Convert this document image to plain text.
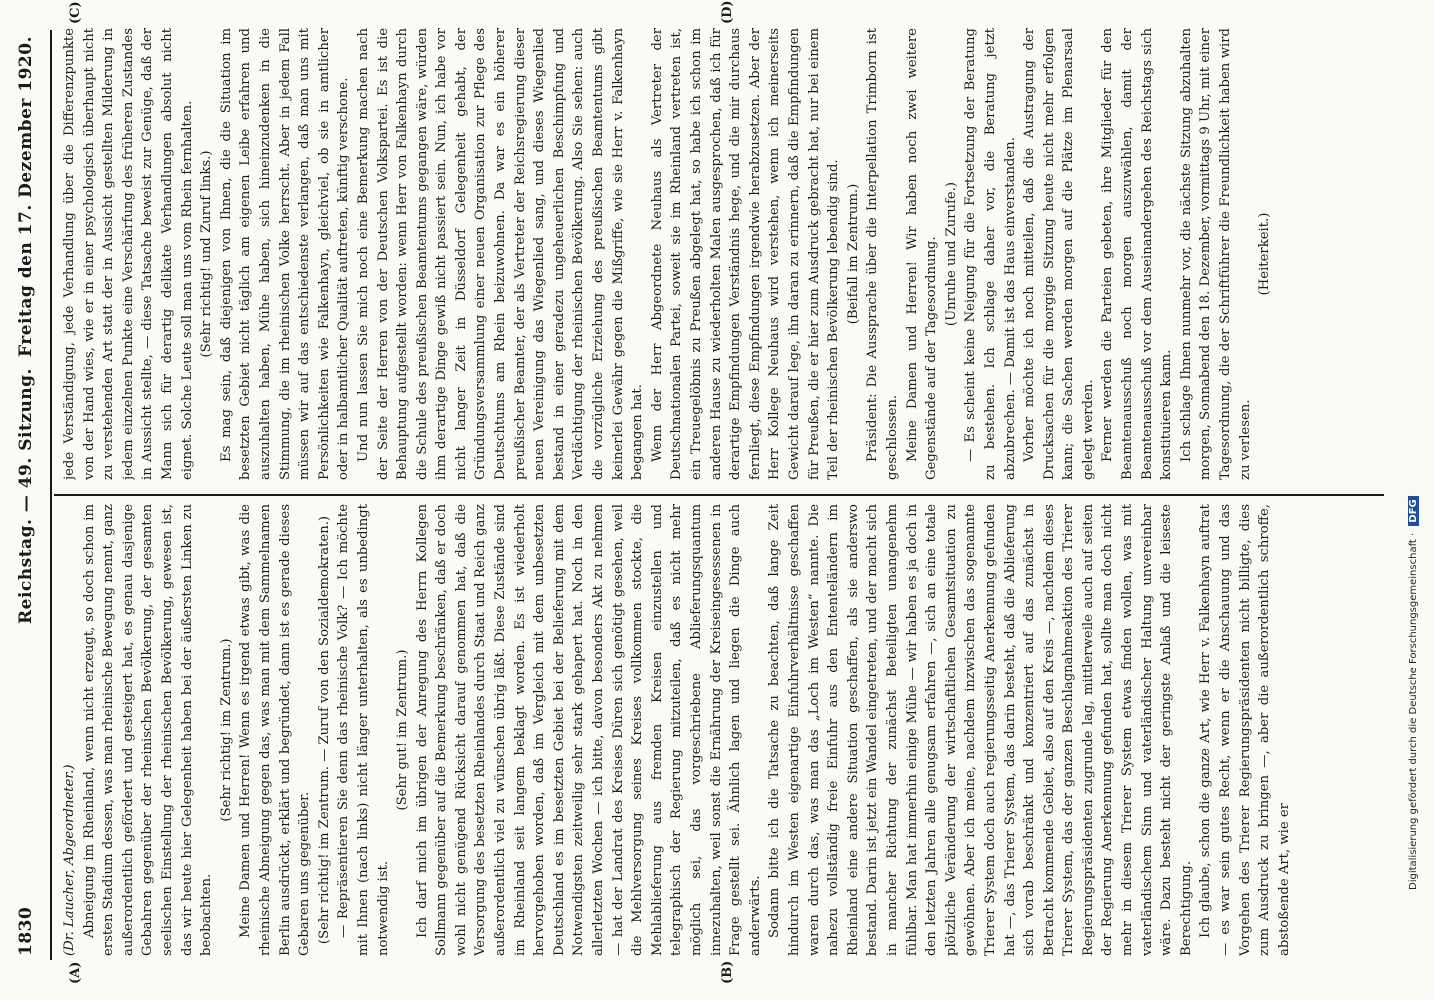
1830
Reichstag. — 49. Sitzung.
Freitag den 17. Dezember 1920.
(A)	(B)
(C)	(D)

(Dr. Laucher, Abgeordneter.) Abneigung im Rheinland, wenn nicht erzeugt, so doch schon im ersten Stadium dessen, was man rheinische Bewegung nennt, ganz außerordentlich gefördert und gesteigert hat, es genau dasjenige Gebahren gegenüber der rheinischen Bevölkerung, der gesamten seelischen Einstellung der rheinischen Bevölkerung, gewesen ist, das wir heute hier Gelegenheit haben bei der äußersten Linken zu beobachten.

(Sehr richtig! im Zentrum.) Meine Damen und Herren! Wenn es irgend etwas gibt, was die rheinische Abneigung gegen das, was man mit dem Sammelnamen Berlin ausdrückt, erklärt und begründet, dann ist es gerade dieses Gebaren uns gegenüber. (Sehr richtig! im Zentrum. — Zuruf von den Sozialdemokraten.) — Repräsentieren Sie denn das rheinische Volk? — Ich möchte mit Ihnen (nach links) nicht länger unterhalten, als es unbedingt notwendig ist.

(Sehr gut! im Zentrum.) Ich darf mich im übrigen der Anregung des Herrn Kollegen Sollmann gegenüber auf die Bemerkung beschränken, daß er doch wohl nicht genügend Rücksicht darauf genommen hat, daß die Versorgung des besetzten Rheinlandes durch Staat und Reich ganz außerordentlich viel zu wünschen übrig läßt. Diese Zustände sind im Rheinland seit langem beklagt worden. Es ist wiederholt hervorgehoben worden, daß im Vergleich mit dem unbesetzten Deutschland es im besetzten Gebiet bei der Belieferung mit dem Notwendigsten zeitweilig sehr stark gehapert hat. Noch in den allerletzten Wochen — ich bitte, davon besonders Akt zu nehmen — hat der Landrat des Kreises Düren sich genötigt gesehen, weil die Mehlversorgung seines Kreises vollkommen stockte, die Mehlablieferung aus fremden Kreisen einzustellen und telegraphisch der Regierung mitzuteilen, daß es nicht mehr möglich sei, das vorgeschriebene Ablieferungsquantum innezuhalten, weil sonst die Ernährung der Kreiseingesessenen in Frage gestellt sei. Ähnlich lagen und liegen die Dinge auch anderwärts. Sodann bitte ich die Tatsache zu beachten, daß lange Zeit hindurch im Westen eigenartige Einfuhrverhältnisse geschaffen waren durch das, was man das „Loch im Westen“ nannte. Die nahezu vollständig freie Einfuhr aus den Ententeländern im Rheinland eine andere Situation geschaffen, als sie anderswo bestand. Darin ist jetzt ein Wandel eingetreten, und der macht sich in mancher Richtung der zunächst Beteiligten unangenehm fühlbar. Man hat immerhin einige Mühe — wir haben es ja doch in den letzten Jahren alle genugsam erfahren —, sich an eine totale plötzliche Veränderung der wirtschaftlichen Gesamtsituation zu gewöhnen. Aber ich meine, nachdem inzwischen das sogenannte Trierer System doch auch regierungsseitig Anerkennung gefunden hat —, das Trierer System, das darin besteht, daß die Ablieferung sich vorab beschränkt und konzentriert auf das zunächst in Betracht kommende Gebiet, also auf den Kreis —, nachdem dieses Trierer System, das der ganzen Beschlagnahmeaktion des Trierer Regierungspräsidenten zugrunde lag, mittlerweile auch auf seiten der Regierung Anerkennung gefunden hat, sollte man doch nicht mehr in diesem Trierer System etwas finden wollen, was mit vaterländischem Sinn und vaterländischer Haltung unvereinbar wäre. Dazu besteht nicht der geringste Anlaß und die leiseste Berechtigung. Ich glaube, schon die ganze Art, wie Herr v. Falkenhayn auftrat — es war sein gutes Recht, wenn er die Anschauung und das Vorgehen des Trierer Regierungspräsidenten nicht billigte, dies zum Ausdruck zu bringen —, aber die außerordentlich schroffe, abstoßende Art, wie er

jede Verständigung, jede Verhandlung über die Differenzpunkte von der Hand wies, wie er in einer psychologisch überhaupt nicht zu verstehenden Art statt der in Aussicht gestellten Milderung in jedem einzelnen Punkte eine Verschärfung des früheren Zustandes in Aussicht stellte, — diese Tatsache beweist zur Genüge, daß der Mann sich für derartig delikate Verhandlungen absolut nicht eignet. Solche Leute soll man uns vom Rhein fernhalten. (Sehr richtig! und Zuruf links.) Es mag sein, daß diejenigen von Ihnen, die die Situation im besetzten Gebiet nicht täglich am eigenen Leibe erfahren und auszuhalten haben, Mühe haben, sich hineinzudenken in die Stimmung, die im rheinischen Volke herrscht. Aber in jedem Fall müssen wir auf das entschiedenste verlangen, daß man uns mit Persönlichkeiten wie Falkenhayn, gleichviel, ob sie in amtlicher oder in halbamtlicher Qualität auftreten, künftig verschone. Und nun lassen Sie mich noch eine Bemerkung machen nach der Seite der Herren von der Deutschen Volkspartei. Es ist die Behauptung aufgestellt worden: wenn Herr von Falkenhayn durch die Schule des preußischen Beamtentums gegangen wäre, würden ihm derartige Dinge gewiß nicht passiert sein. Nun, ich habe vor nicht langer Zeit in Düsseldorf Gelegenheit gehabt, der Gründungsversammlung einer neuen Organisation zur Pflege des Deutschtums am Rhein beizuwohnen. Da war es ein höherer preußischer Beamter, der als Vertreter der Reichsregierung dieser neuen Vereinigung das Wiegenlied sang, und dieses Wiegenlied bestand in einer geradezu ungeheuerlichen Beschimpfung und Verdächtigung der rheinischen Bevölkerung. Also Sie sehen: auch die vorzügliche Erziehung des preußischen Beamtentums gibt keinerlei Gewähr gegen die Mißgriffe, wie sie Herr v. Falkenhayn begangen hat. Wenn der Herr Abgeordnete Neuhaus als Vertreter der Deutschnationalen Partei, soweit sie im Rheinland vertreten ist, ein Treuegelöbnis zu Preußen abgelegt hat, so habe ich schon im anderen Hause zu wiederholten Malen ausgesprochen, daß ich für derartige Empfindungen Verständnis hege, und die mir durchaus fernliegt, diese Empfindungen irgendwie herabzusetzen. Aber der Herr Kollege Neuhaus wird verstehen, wenn ich meinerseits Gewicht darauf lege, ihn daran zu erinnern, daß die Empfindungen für Preußen, die er hier zum Ausdruck gebracht hat, nur bei einem Teil der rheinischen Bevölkerung lebendig sind. (Beifall im Zentrum.) Präsident: Die Aussprache über die Interpellation Trimborn ist geschlossen. Meine Damen und Herren! Wir haben noch zwei weitere Gegenstände auf der Tagesordnung. (Unruhe und Zurufe.) — Es scheint keine Neigung für die Fortsetzung der Beratung zu bestehen. Ich schlage daher vor, die Beratung jetzt abzubrechen. — Damit ist das Haus einverstanden. Vorher möchte ich noch mitteilen, daß die Austragung der Drucksachen für die morgige Sitzung heute nicht mehr erfolgen kann; die Sachen werden morgen auf die Plätze im Plenarsaal gelegt werden. Ferner werden die Parteien gebeten, ihre Mitglieder für den Beamtenausschuß noch morgen auszuwählen, damit der Beamtenausschuß vor dem Auseinandergehen des Reichstags sich konstituieren kann. Ich schlage Ihnen nunmehr vor, die nächste Sitzung abzuhalten morgen, Sonnabend den 18. Dezember, vormittags 9 Uhr, mit einer Tagesordnung, die der Schriftführer die Freundlichkeit haben wird zu verlesen.

(Heiterkeit.)

Digitalisierung gefördert durch die Deutsche Forschungsgemeinschaft · DFG
